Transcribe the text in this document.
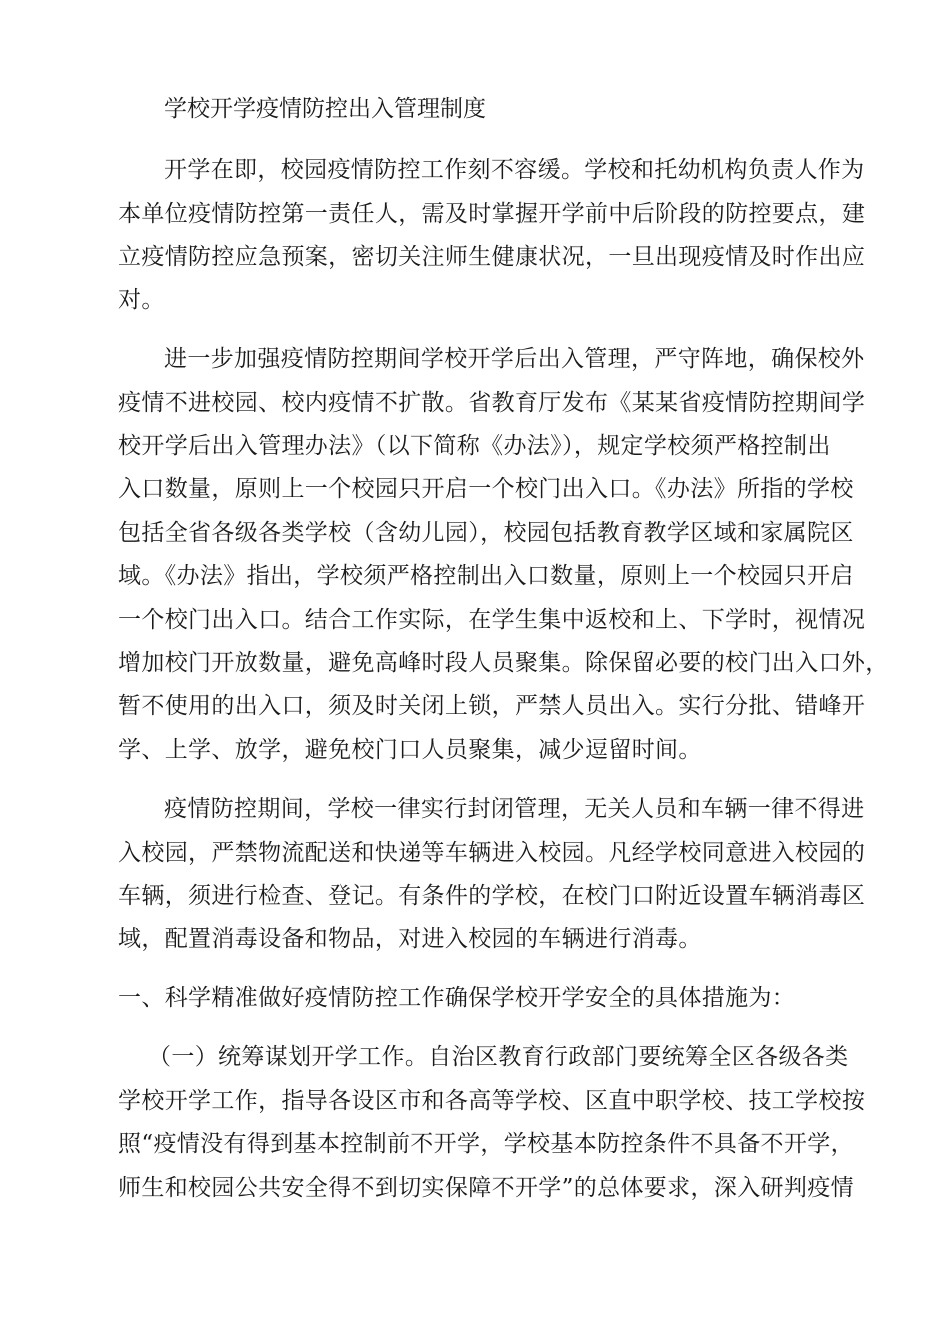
学校开学疫情防控出入管理制度
开学在即，校园疫情防控工作刻不容缓。学校和托幼机构负责人作为
本单位疫情防控第一责任人，需及时掌握开学前中后阶段的防控要点，建
立疫情防控应急预案，密切关注师生健康状况，一旦出现疫情及时作出应
对。
进一步加强疫情防控期间学校开学后出入管理，严守阵地，确保校外
疫情不进校园、校内疫情不扩散。省教育厅发布《某某省疫情防控期间学
校开学后出入管理办法》（以下简称《办法》），规定学校须严格控制出
入口数量，原则上一个校园只开启一个校门出入口。《办法》所指的学校
包括全省各级各类学校（含幼儿园），校园包括教育教学区域和家属院区
域。《办法》指出，学校须严格控制出入口数量，原则上一个校园只开启
一个校门出入口。结合工作实际，在学生集中返校和上、下学时，视情况
增加校门开放数量，避免高峰时段人员聚集。除保留必要的校门出入口外，
暂不使用的出入口，须及时关闭上锁，严禁人员出入。实行分批、错峰开
学、上学、放学，避免校门口人员聚集，减少逗留时间。
疫情防控期间，学校一律实行封闭管理，无关人员和车辆一律不得进
入校园，严禁物流配送和快递等车辆进入校园。凡经学校同意进入校园的
车辆，须进行检查、登记。有条件的学校，在校门口附近设置车辆消毒区
域，配置消毒设备和物品，对进入校园的车辆进行消毒。
一、科学精准做好疫情防控工作确保学校开学安全的具体措施为：
（一）统筹谋划开学工作。自治区教育行政部门要统筹全区各级各类
学校开学工作，指导各设区市和各高等学校、区直中职学校、技工学校按
照“疫情没有得到基本控制前不开学，学校基本防控条件不具备不开学，
师生和校园公共安全得不到切实保障不开学”的总体要求，深入研判疫情
